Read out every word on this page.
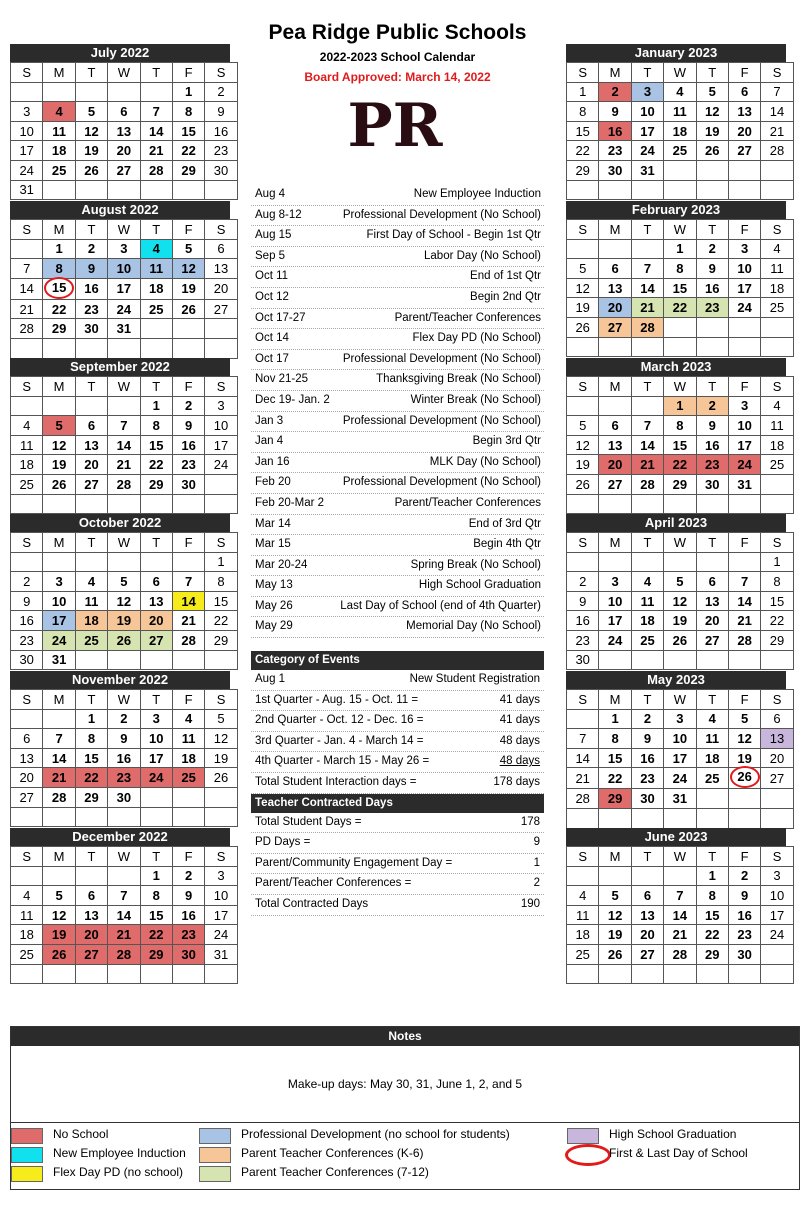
Pea Ridge Public Schools
2022-2023 School Calendar
Board Approved: March 14, 2022
PR
July 2022
S	M	T	W	T	F	S
					1	2
3	4	5	6	7	8	9
10	11	12	13	14	15	16
17	18	19	20	21	22	23
24	25	26	27	28	29	30
31						
August 2022
S	M	T	W	T	F	S
	1	2	3	4	5	6
7	8	9	10	11	12	13
14	15	16	17	18	19	20
21	22	23	24	25	26	27
28	29	30	31			

September 2022
S	M	T	W	T	F	S
				1	2	3
4	5	6	7	8	9	10
11	12	13	14	15	16	17
18	19	20	21	22	23	24
25	26	27	28	29	30	

October 2022
S	M	T	W	T	F	S
						1
2	3	4	5	6	7	8
9	10	11	12	13	14	15
16	17	18	19	20	21	22
23	24	25	26	27	28	29
30	31					
November 2022
S	M	T	W	T	F	S
		1	2	3	4	5
6	7	8	9	10	11	12
13	14	15	16	17	18	19
20	21	22	23	24	25	26
27	28	29	30			

December 2022
S	M	T	W	T	F	S
				1	2	3
4	5	6	7	8	9	10
11	12	13	14	15	16	17
18	19	20	21	22	23	24
25	26	27	28	29	30	31

January 2023
S	M	T	W	T	F	S
1	2	3	4	5	6	7
8	9	10	11	12	13	14
15	16	17	18	19	20	21
22	23	24	25	26	27	28
29	30	31				

February 2023
S	M	T	W	T	F	S
			1	2	3	4
5	6	7	8	9	10	11
12	13	14	15	16	17	18
19	20	21	22	23	24	25
26	27	28				

March 2023
S	M	T	W	T	F	S
			1	2	3	4
5	6	7	8	9	10	11
12	13	14	15	16	17	18
19	20	21	22	23	24	25
26	27	28	29	30	31	

April 2023
S	M	T	W	T	F	S
						1
2	3	4	5	6	7	8
9	10	11	12	13	14	15
16	17	18	19	20	21	22
23	24	25	26	27	28	29
30						
May 2023
S	M	T	W	T	F	S
	1	2	3	4	5	6
7	8	9	10	11	12	13
14	15	16	17	18	19	20
21	22	23	24	25	26	27
28	29	30	31			

June 2023
S	M	T	W	T	F	S
				1	2	3
4	5	6	7	8	9	10
11	12	13	14	15	16	17
18	19	20	21	22	23	24
25	26	27	28	29	30	

Aug 4	New Employee Induction
Aug 8-12	Professional Development (No School)
Aug 15	First Day of School - Begin 1st Qtr
Sep 5	Labor Day (No School)
Oct 11	End of 1st Qtr
Oct 12	Begin 2nd Qtr
Oct 17-27	Parent/Teacher Conferences
Oct 14	Flex Day PD (No School)
Oct 17	Professional Development (No School)
Nov 21-25	Thanksgiving Break (No School)
Dec 19- Jan. 2	Winter Break (No School)
Jan 3	Professional Development (No School)
Jan 4	Begin 3rd Qtr
Jan 16	MLK Day (No School)
Feb 20	Professional Development (No School)
Feb 20-Mar 2	Parent/Teacher Conferences
Mar 14	End of 3rd Qtr
Mar 15	Begin 4th Qtr
Mar 20-24	Spring Break (No School)
May 13	High School Graduation
May 26	Last Day of School (end of 4th Quarter)
May 29	Memorial Day (No School)
Category of Events
Aug 1	New Student Registration
1st Quarter - Aug. 15 - Oct. 11 =	41 days
2nd Quarter - Oct. 12 - Dec. 16 =	41 days
3rd Quarter - Jan. 4 - March 14 =	48 days
4th Quarter - March 15 - May 26 =	48 days
Total Student Interaction days =	178 days
Teacher Contracted Days
Total Student Days =	178
PD Days =	9
Parent/Community Engagement Day =	1
Parent/Teacher Conferences =	2
Total Contracted Days	190
Notes
Make-up days: May 30, 31, June 1, 2, and 5
No School
New Employee Induction
Flex Day PD (no school)
Professional Development (no school for students)
Parent Teacher Conferences (K-6)
Parent Teacher Conferences (7-12)
High School Graduation
First & Last Day of School
